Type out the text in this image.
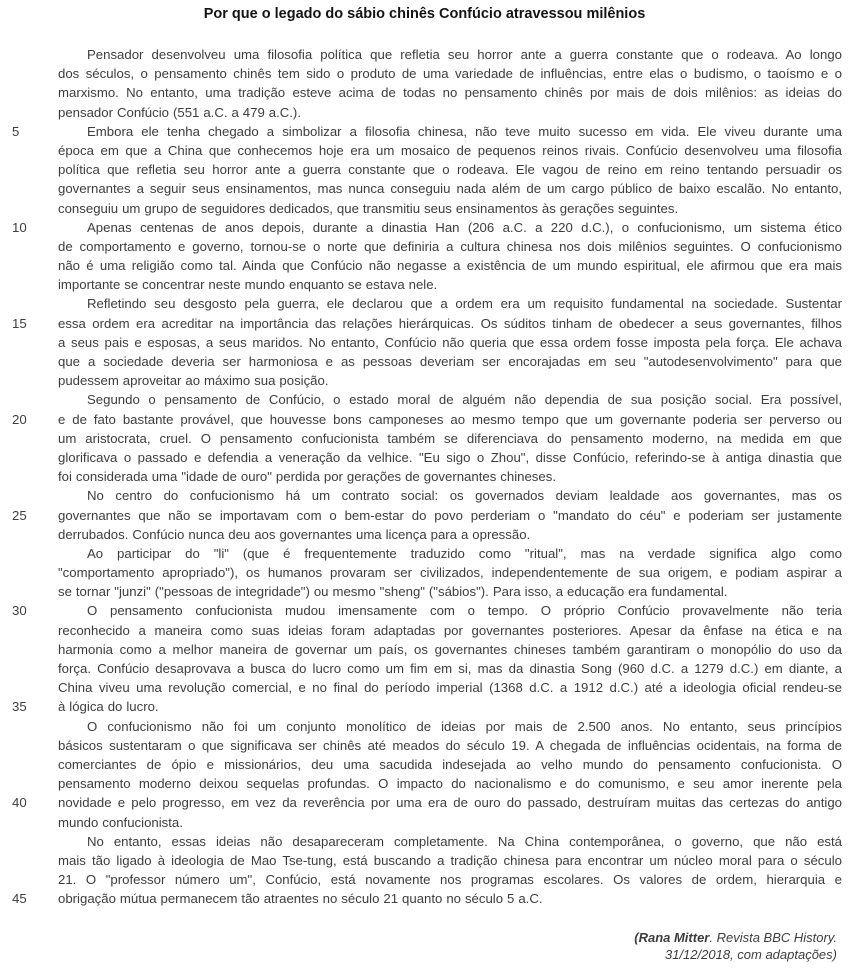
Por que o legado do sábio chinês Confúcio atravessou milênios
Pensador desenvolveu uma filosofia política que refletia seu horror ante a guerra constante que o rodeava. Ao longo
dos séculos, o pensamento chinês tem sido o produto de uma variedade de influências, entre elas o budismo, o taoísmo e o
marxismo. No entanto, uma tradição esteve acima de todas no pensamento chinês por mais de dois milênios: as ideias do
pensador Confúcio (551 a.C. a 479 a.C.).
5	Embora ele tenha chegado a simbolizar a filosofia chinesa, não teve muito sucesso em vida. Ele viveu durante uma
época em que a China que conhecemos hoje era um mosaico de pequenos reinos rivais. Confúcio desenvolveu uma filosofia
política que refletia seu horror ante a guerra constante que o rodeava. Ele vagou de reino em reino tentando persuadir os
governantes a seguir seus ensinamentos, mas nunca conseguiu nada além de um cargo público de baixo escalão. No entanto,
conseguiu um grupo de seguidores dedicados, que transmitiu seus ensinamentos às gerações seguintes.
10	Apenas centenas de anos depois, durante a dinastia Han (206 a.C. a 220 d.C.), o confucionismo, um sistema ético
de comportamento e governo, tornou-se o norte que definiria a cultura chinesa nos dois milênios seguintes. O confucionismo
não é uma religião como tal. Ainda que Confúcio não negasse a existência de um mundo espiritual, ele afirmou que era mais
importante se concentrar neste mundo enquanto se estava nele.
Refletindo seu desgosto pela guerra, ele declarou que a ordem era um requisito fundamental na sociedade. Sustentar
15	essa ordem era acreditar na importância das relações hierárquicas. Os súditos tinham de obedecer a seus governantes, filhos
a seus pais e esposas, a seus maridos. No entanto, Confúcio não queria que essa ordem fosse imposta pela força. Ele achava
que a sociedade deveria ser harmoniosa e as pessoas deveriam ser encorajadas em seu "autodesenvolvimento" para que
pudessem aproveitar ao máximo sua posição.
Segundo o pensamento de Confúcio, o estado moral de alguém não dependia de sua posição social. Era possível,
20	e de fato bastante provável, que houvesse bons camponeses ao mesmo tempo que um governante poderia ser perverso ou
um aristocrata, cruel. O pensamento confucionista também se diferenciava do pensamento moderno, na medida em que
glorificava o passado e defendia a veneração da velhice. "Eu sigo o Zhou", disse Confúcio, referindo-se à antiga dinastia que
foi considerada uma "idade de ouro" perdida por gerações de governantes chineses.
No centro do confucionismo há um contrato social: os governados deviam lealdade aos governantes, mas os
25	governantes que não se importavam com o bem-estar do povo perderiam o "mandato do céu" e poderiam ser justamente
derrubados. Confúcio nunca deu aos governantes uma licença para a opressão.
Ao participar do "li" (que é frequentemente traduzido como "ritual", mas na verdade significa algo como
"comportamento apropriado"), os humanos provaram ser civilizados, independentemente de sua origem, e podiam aspirar a
se tornar "junzi" ("pessoas de integridade") ou mesmo "sheng" ("sábios"). Para isso, a educação era fundamental.
30	O pensamento confucionista mudou imensamente com o tempo. O próprio Confúcio provavelmente não teria
reconhecido a maneira como suas ideias foram adaptadas por governantes posteriores. Apesar da ênfase na ética e na
harmonia como a melhor maneira de governar um país, os governantes chineses também garantiram o monopólio do uso da
força. Confúcio desaprovava a busca do lucro como um fim em si, mas da dinastia Song (960 d.C. a 1279 d.C.) em diante, a
China viveu uma revolução comercial, e no final do período imperial (1368 d.C. a 1912 d.C.) até a ideologia oficial rendeu-se
35	à lógica do lucro.
O confucionismo não foi um conjunto monolítico de ideias por mais de 2.500 anos. No entanto, seus princípios
básicos sustentaram o que significava ser chinês até meados do século 19. A chegada de influências ocidentais, na forma de
comerciantes de ópio e missionários, deu uma sacudida indesejada ao velho mundo do pensamento confucionista. O
pensamento moderno deixou sequelas profundas. O impacto do nacionalismo e do comunismo, e seu amor inerente pela
40	novidade e pelo progresso, em vez da reverência por uma era de ouro do passado, destruíram muitas das certezas do antigo
mundo confucionista.
No entanto, essas ideias não desapareceram completamente. Na China contemporânea, o governo, que não está
mais tão ligado à ideologia de Mao Tse-tung, está buscando a tradição chinesa para encontrar um núcleo moral para o século
21. O "professor número um", Confúcio, está novamente nos programas escolares. Os valores de ordem, hierarquia e
45	obrigação mútua permanecem tão atraentes no século 21 quanto no século 5 a.C.
(Rana Mitter. Revista BBC History.
31/12/2018, com adaptações)
